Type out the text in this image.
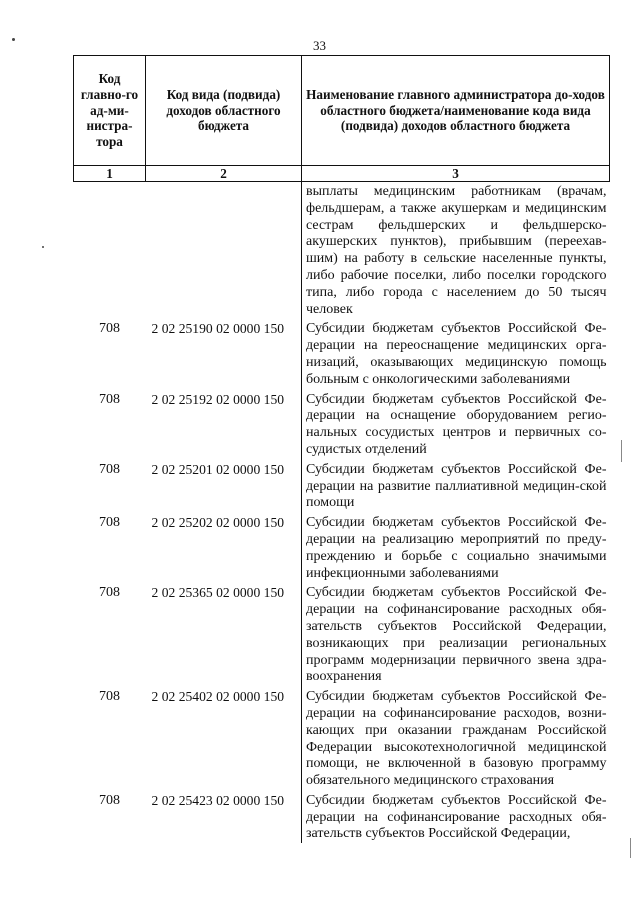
33
Код главно-го ад-ми-нистра-тора	Код вида (подвида) доходов областного бюджета	Наименование главного администратора до-ходов областного бюджета/наименование кода вида (подвида) доходов областного бюджета
1	2	3
		выплаты медицинским работникам (врачам, фельдшерам, а также акушеркам и медицинским сестрам фельдшерских и фельдшерско-акушерских пунктов), прибывшим (переехав-шим) на работу в сельские населенные пункты, либо рабочие поселки, либо поселки городского типа, либо города с населением до 50 тысяч человек
708	2 02 25190 02 0000 150	Субсидии бюджетам субъектов Российской Фе-дерации на переоснащение медицинских орга-низаций, оказывающих медицинскую помощь больным с онкологическими заболеваниями
708	2 02 25192 02 0000 150	Субсидии бюджетам субъектов Российской Фе-дерации на оснащение оборудованием регио-нальных сосудистых центров и первичных со-судистых отделений
708	2 02 25201 02 0000 150	Субсидии бюджетам субъектов Российской Фе-дерации на развитие паллиативной медицин-ской помощи
708	2 02 25202 02 0000 150	Субсидии бюджетам субъектов Российской Фе-дерации на реализацию мероприятий по преду-преждению и борьбе с социально значимыми инфекционными заболеваниями
708	2 02 25365 02 0000 150	Субсидии бюджетам субъектов Российской Фе-дерации на софинансирование расходных обя-зательств субъектов Российской Федерации, возникающих при реализации региональных программ модернизации первичного звена здра-воохранения
708	2 02 25402 02 0000 150	Субсидии бюджетам субъектов Российской Фе-дерации на софинансирование расходов, возни-кающих при оказании гражданам Российской Федерации высокотехнологичной медицинской помощи, не включенной в базовую программу обязательного медицинского страхования
708	2 02 25423 02 0000 150	Субсидии бюджетам субъектов Российской Фе-дерации на софинансирование расходных обя-зательств субъектов Российской Федерации,
